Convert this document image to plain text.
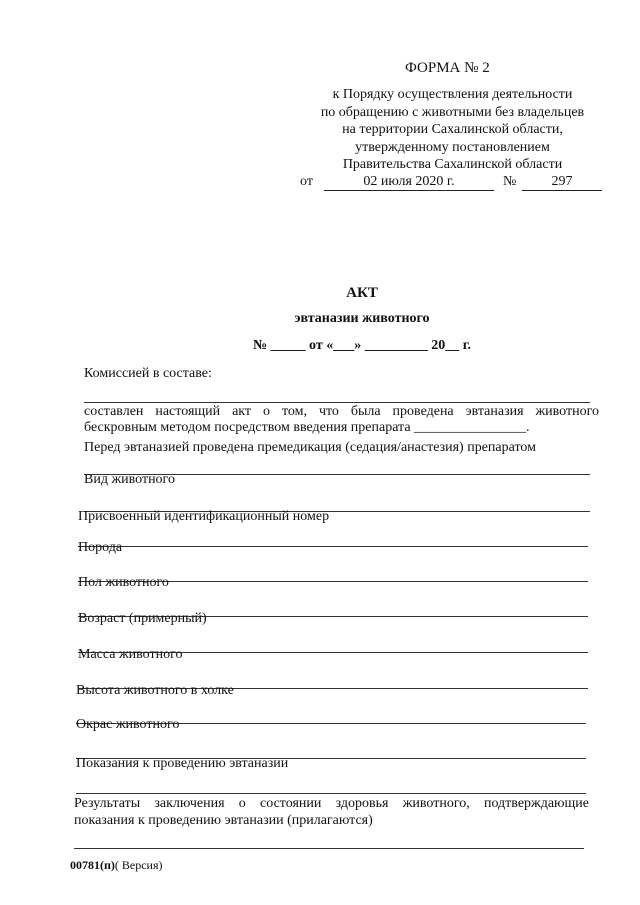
ФОРМА № 2
к Порядку осуществления деятельности
по обращению с животными без владельцев
на территории Сахалинской области,
утвержденному постановлением
Правительства Сахалинской области
от	02 июля 2020 г.	№	297
АКТ
эвтаназии животного
№ _____ от «___» _________ 20__ г.
Комиссией в составе:
составлен настоящий акт о том, что была проведена эвтаназия животного
бескровным методом посредством введения препарата ________________.
Перед эвтаназией проведена премедикация (седация/анастезия) препаратом
Вид животного
Присвоенный идентификационный номер
Порода
Пол животного
Возраст (примерный)
Масса животного
Высота животного в холке
Окрас животного
Показания к проведению эвтаназии
Результаты заключения о состоянии здоровья животного, подтверждающие
показания к проведению эвтаназии (прилагаются)
00781(п)( Версия)
